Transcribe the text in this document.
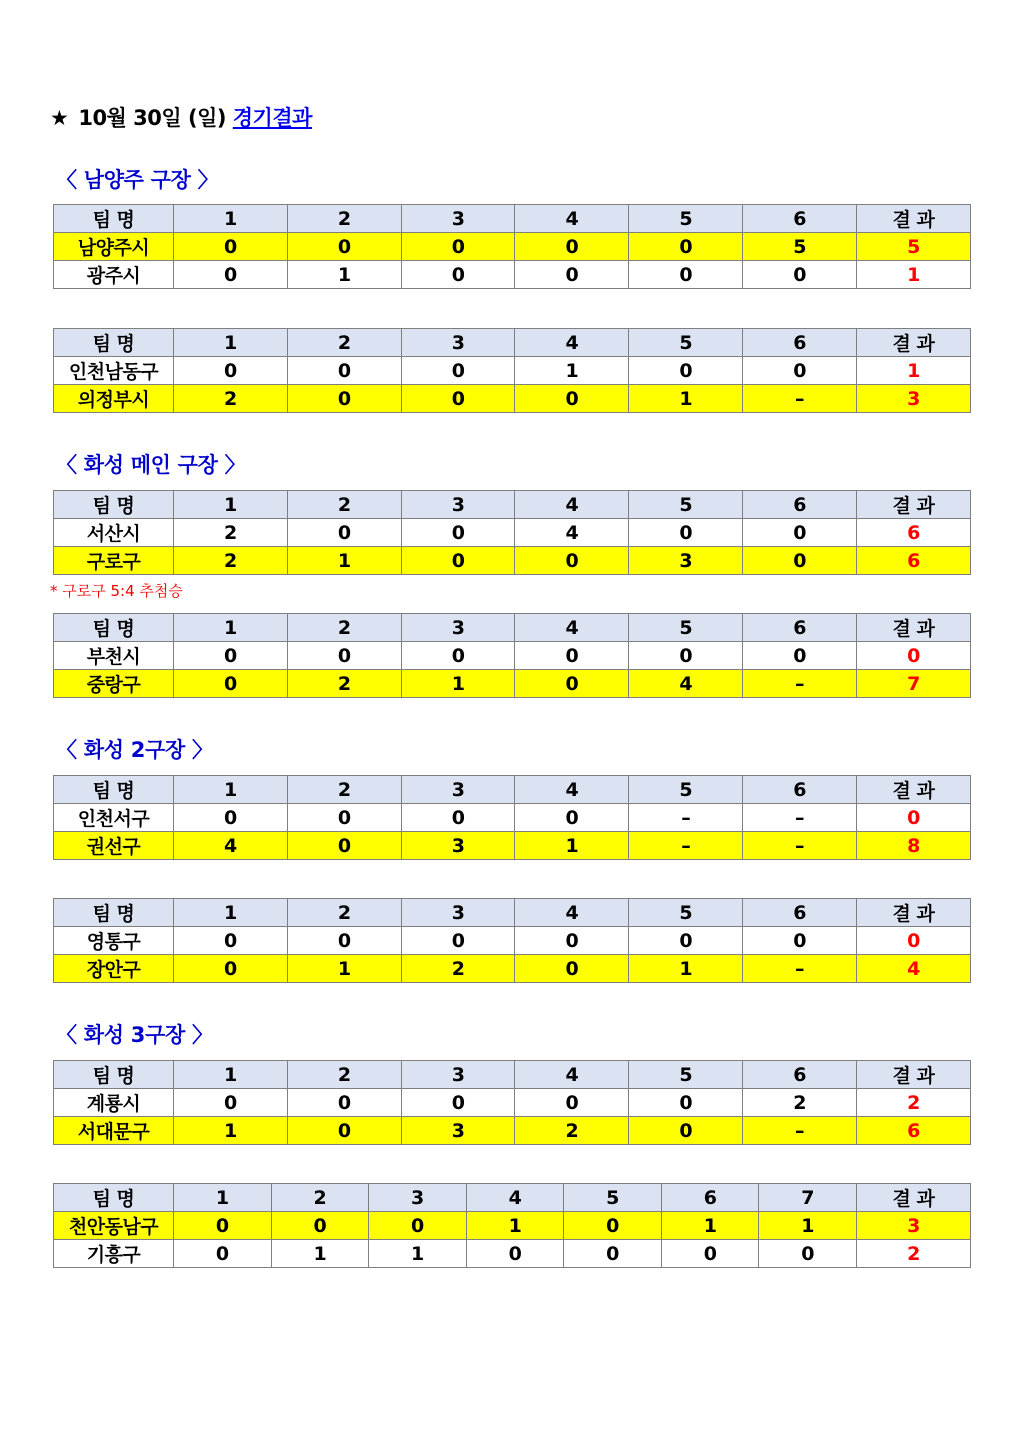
★ 10월 30일 (일) 경기결과
〈 남양주 구장 〉
팀 명	1	2	3	4	5	6	결 과
남양주시	0	0	0	0	0	5	5
광주시	0	1	0	0	0	0	1
팀 명	1	2	3	4	5	6	결 과
인천남동구	0	0	0	1	0	0	1
의정부시	2	0	0	0	1	–	3
〈 화성 메인 구장 〉
팀 명	1	2	3	4	5	6	결 과
서산시	2	0	0	4	0	0	6
구로구	2	1	0	0	3	0	6
* 구로구 5:4 추첨승
팀 명	1	2	3	4	5	6	결 과
부천시	0	0	0	0	0	0	0
중랑구	0	2	1	0	4	–	7
〈 화성 2구장 〉
팀 명	1	2	3	4	5	6	결 과
인천서구	0	0	0	0	–	–	0
권선구	4	0	3	1	–	–	8
팀 명	1	2	3	4	5	6	결 과
영통구	0	0	0	0	0	0	0
장안구	0	1	2	0	1	–	4
〈 화성 3구장 〉
팀 명	1	2	3	4	5	6	결 과
계룡시	0	0	0	0	0	2	2
서대문구	1	0	3	2	0	–	6
팀 명	1	2	3	4	5	6	7	결 과
천안동남구	0	0	0	1	0	1	1	3
기흥구	0	1	1	0	0	0	0	2
